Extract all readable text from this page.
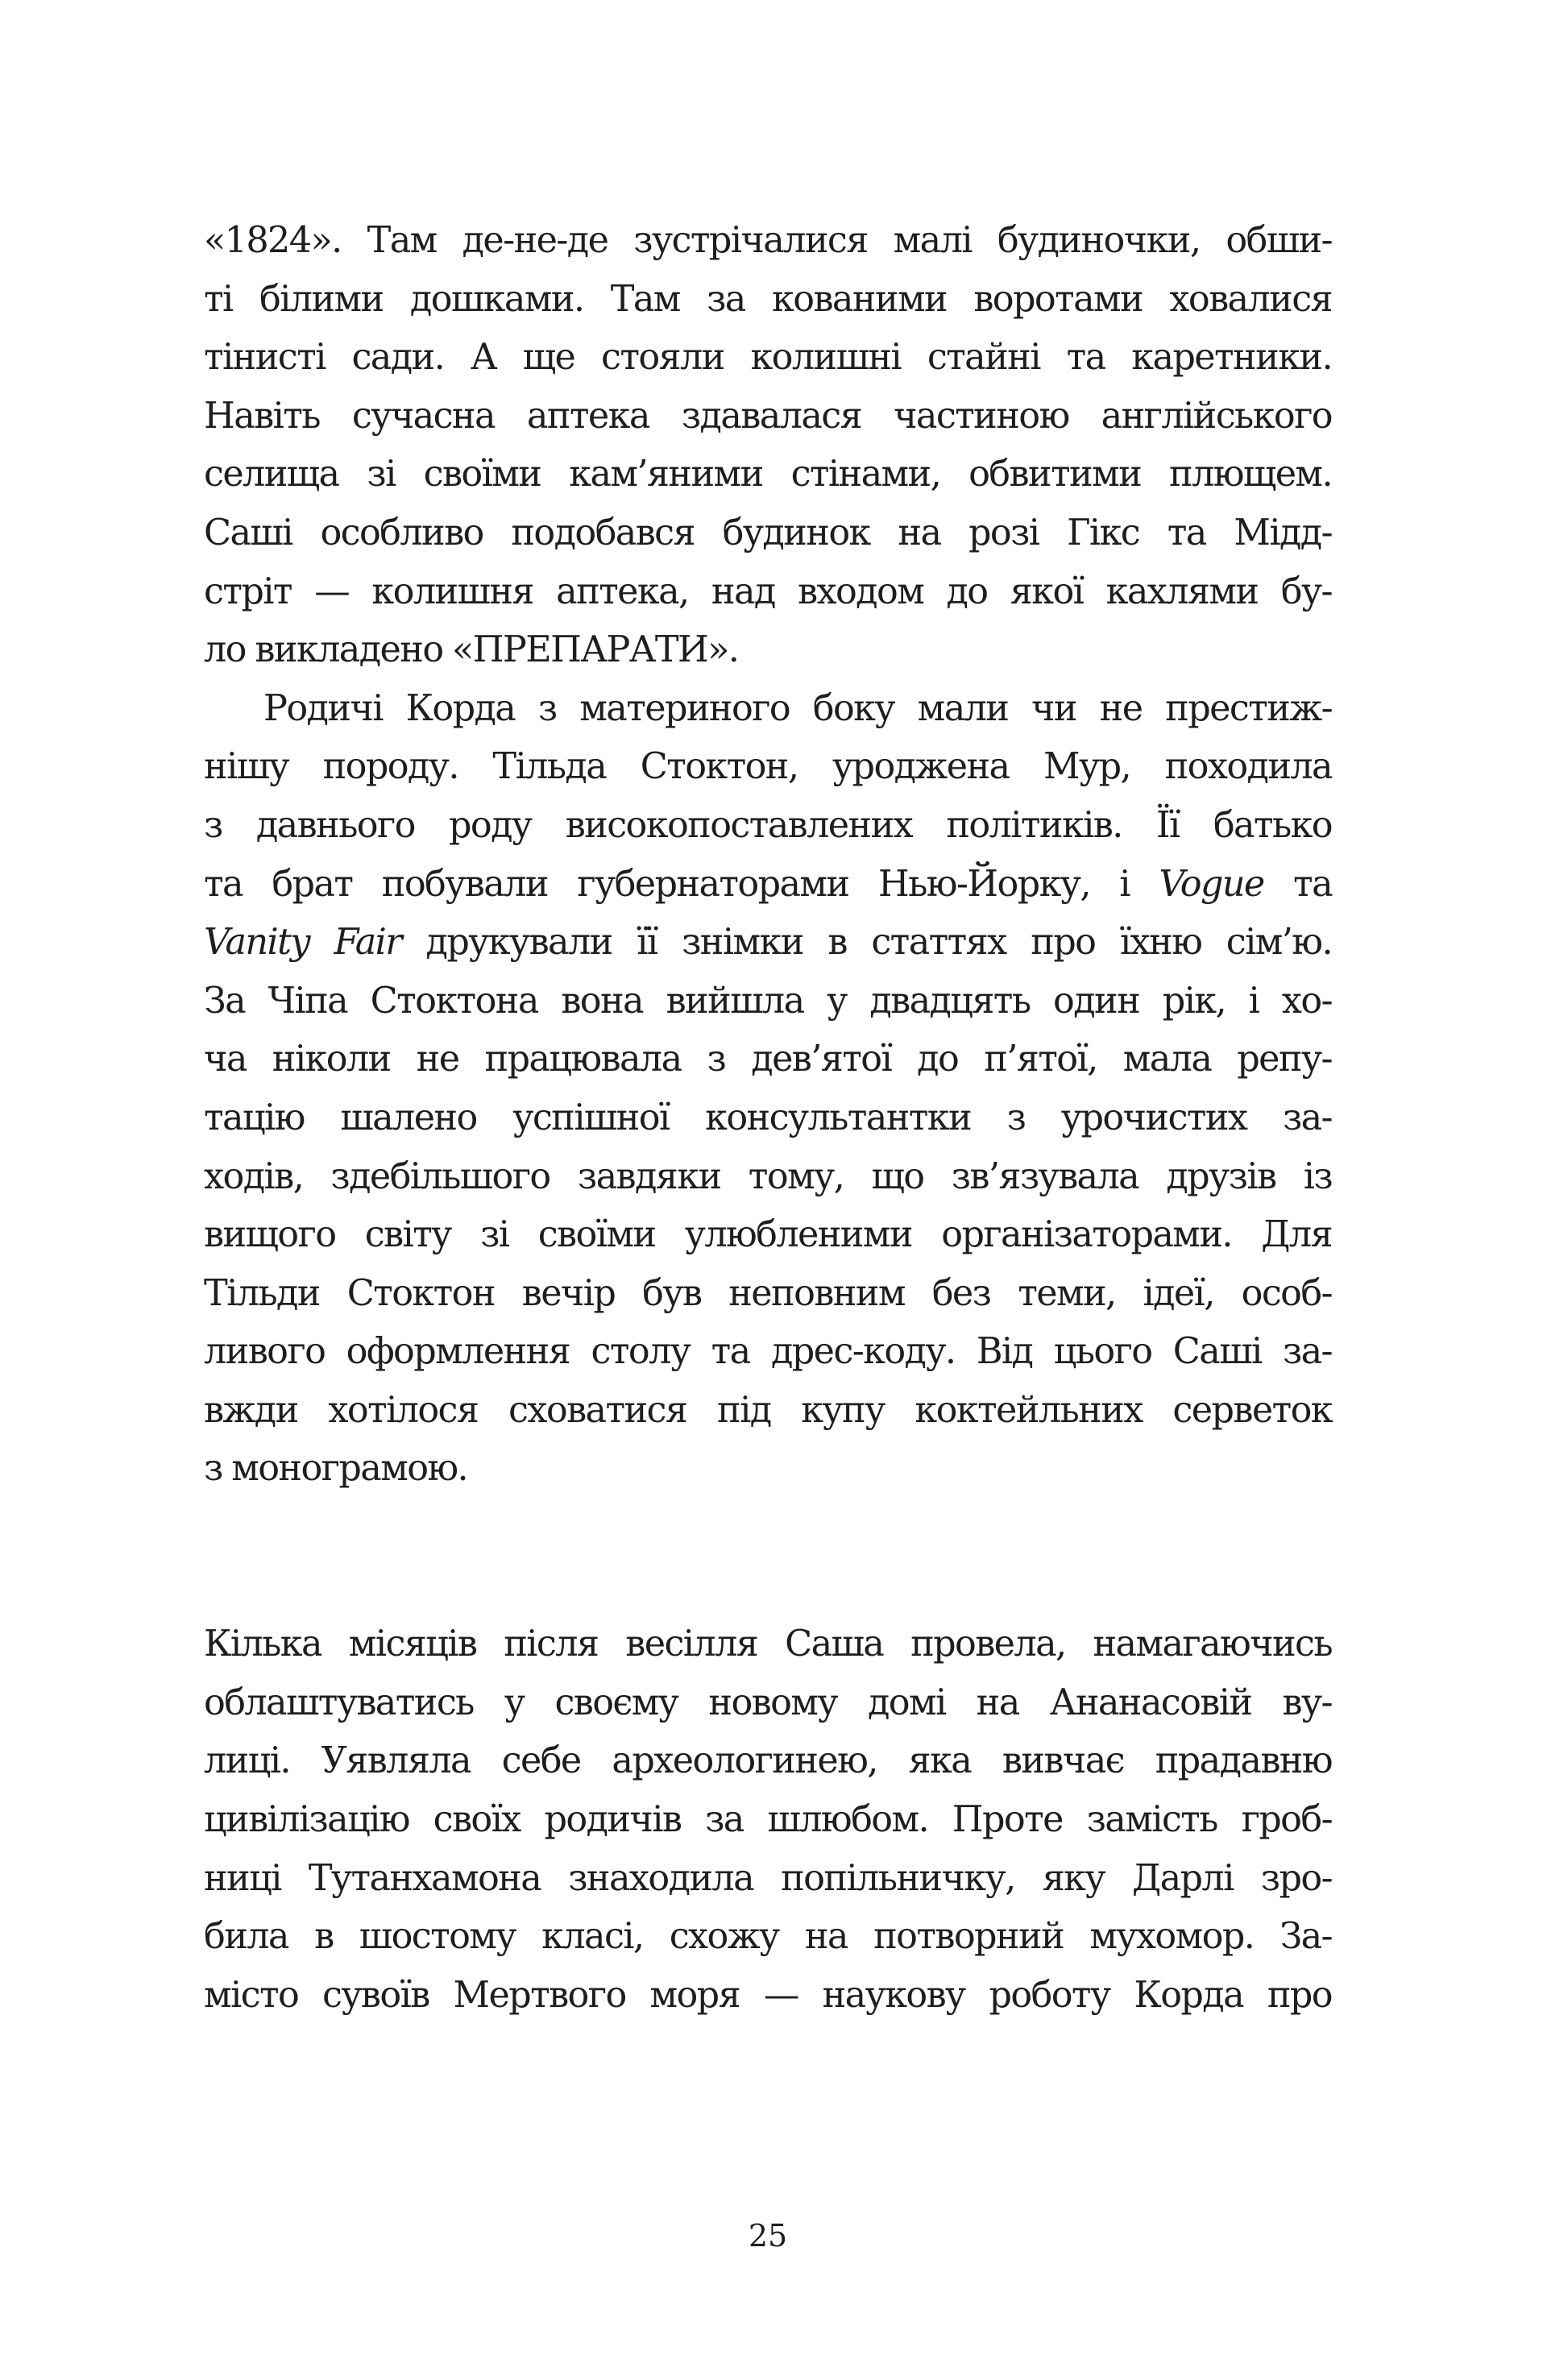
«1824». Там де-не-де зустрічалися малі будиночки, обши-
ті білими дошками. Там за кованими воротами ховалися
тінисті сади. А ще стояли колишні стайні та каретники.
Навіть сучасна аптека здавалася частиною англійського
селища зі своїми кам’яними стінами, обвитими плющем.
Саші особливо подобався будинок на розі Гікс та Мідд-
стріт — колишня аптека, над входом до якої кахлями бу-
ло викладено «ПРЕПАРАТИ».
Родичі Корда з материного боку мали чи не престиж-
нішу породу. Тільда Стоктон, уроджена Мур, походила
з давнього роду високопоставлених політиків. Її батько
та брат побували губернаторами Нью-Йорку, і Vogue та
Vanity Fair друкували її знімки в статтях про їхню сім’ю.
За Чіпа Стоктона вона вийшла у двадцять один рік, і хо-
ча ніколи не працювала з дев’ятої до п’ятої, мала репу-
тацію шалено успішної консультантки з урочистих за-
ходів, здебільшого завдяки тому, що зв’язувала друзів із
вищого світу зі своїми улюбленими організаторами. Для
Тільди Стоктон вечір був неповним без теми, ідеї, особ-
ливого оформлення столу та дрес-коду. Від цього Саші за-
вжди хотілося сховатися під купу коктейльних серветок
з монограмою.
Кілька місяців після весілля Саша провела, намагаючись
облаштуватись у своєму новому домі на Ананасовій ву-
лиці. Уявляла себе археологинею, яка вивчає прадавню
цивілізацію своїх родичів за шлюбом. Проте замість гроб-
ниці Тутанхамона знаходила попільничку, яку Дарлі зро-
била в шостому класі, схожу на потворний мухомор. За-
місто сувоїв Мертвого моря — наукову роботу Корда про
25
